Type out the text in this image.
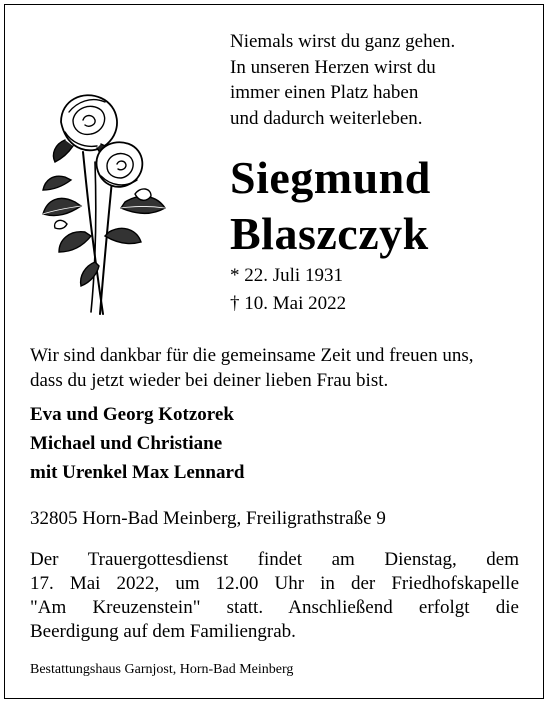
Niemals wirst du ganz gehen.
In unseren Herzen wirst du
immer einen Platz haben
und dadurch weiterleben.
Siegmund
Blaszczyk
* 22. Juli 1931
† 10. Mai 2022
Wir sind dankbar für die gemeinsame Zeit und freuen uns,
dass du jetzt wieder bei deiner lieben Frau bist.
Eva und Georg Kotzorek
Michael und Christiane
mit Urenkel Max Lennard
32805 Horn-Bad Meinberg, Freiligrathstraße 9
Der Trauergottesdienst findet am Dienstag, dem
17. Mai 2022, um 12.00 Uhr in der Friedhofskapelle
"Am Kreuzenstein" statt. Anschließend erfolgt die
Beerdigung auf dem Familiengrab.
Bestattungshaus Garnjost, Horn-Bad Meinberg
